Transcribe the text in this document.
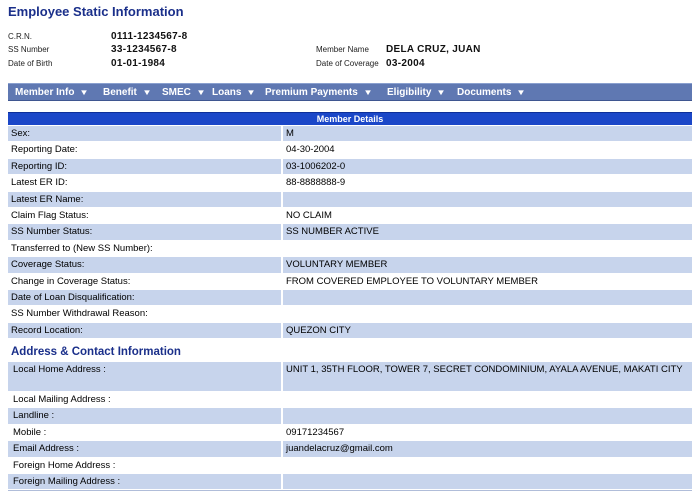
Employee Static Information
C.R.N.	0111-1234567-8
SS Number	33-1234567-8
Date of Birth	01-01-1984
Member Name DELA CRUZ, JUAN
Date of Coverage 03-2004
Member Info ▼ Benefit ▼ SMEC ▼ Loans ▼ Premium Payments ▼ Eligibility ▼ Documents ▼
Member Details
Sex:	M
Reporting Date:	04-30-2004
Reporting ID:	03-1006202-0
Latest ER ID:	88-8888888-9
Latest ER Name:
Claim Flag Status:	NO CLAIM
SS Number Status:	SS NUMBER ACTIVE
Transferred to (New SS Number):
Coverage Status:	VOLUNTARY MEMBER
Change in Coverage Status:	FROM COVERED EMPLOYEE TO VOLUNTARY MEMBER
Date of Loan Disqualification:
SS Number Withdrawal Reason:
Record Location:	QUEZON CITY
Address & Contact Information
Local Home Address :	UNIT 1, 35TH FLOOR, TOWER 7, SECRET CONDOMINIUM, AYALA AVENUE, MAKATI CITY
Local Mailing Address :
Landline :
Mobile :	09171234567
Email Address :	juandelacruz@gmail.com
Foreign Home Address :
Foreign Mailing Address :
